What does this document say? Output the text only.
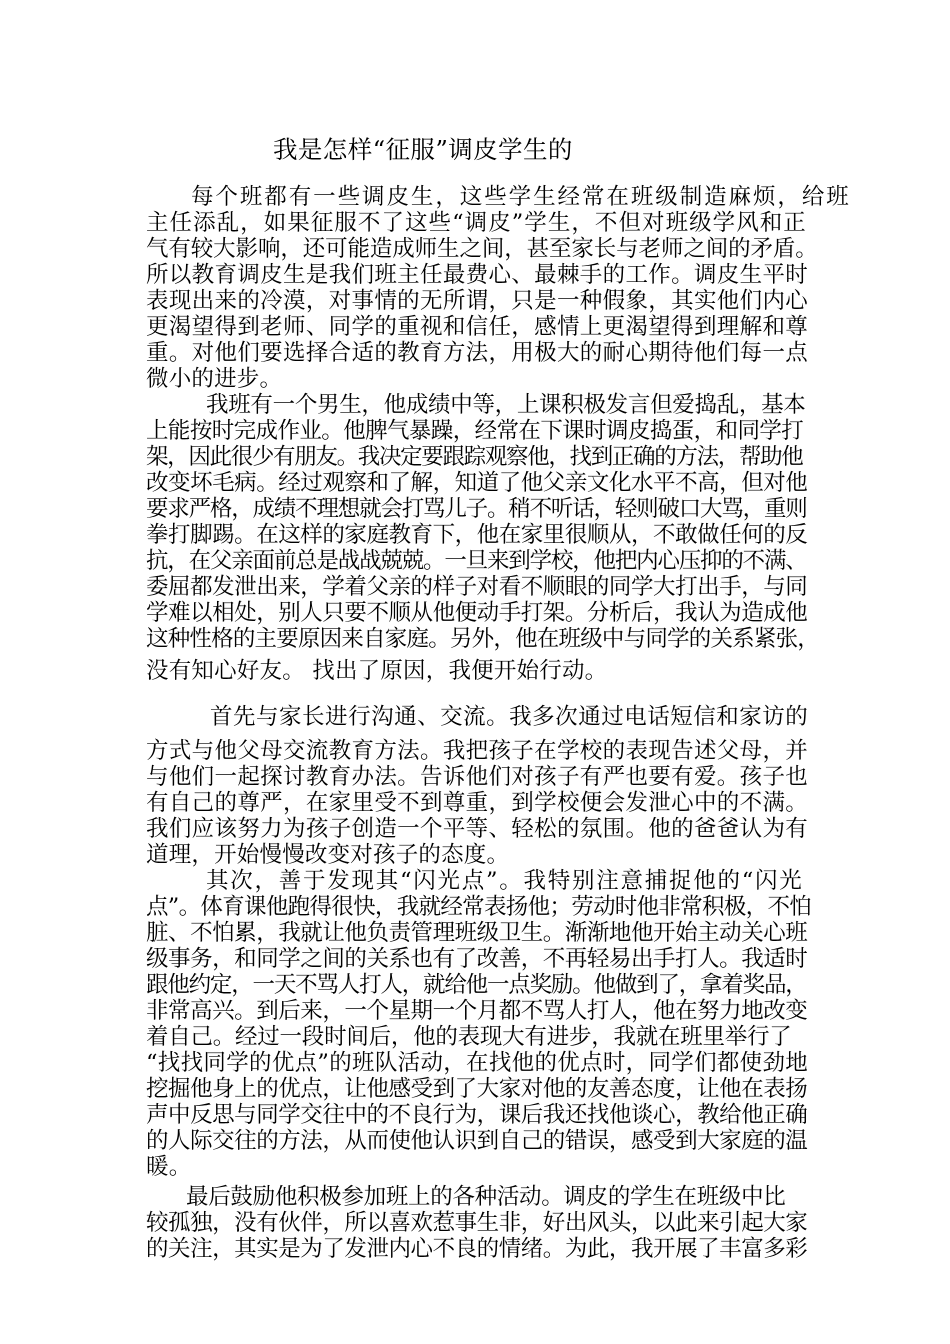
我是怎样“征服”调皮学生的

每个班都有一些调皮生，这些学生经常在班级制造麻烦，给班

主任添乱，如果征服不了这些“调皮”学生，不但对班级学风和正

气有较大影响，还可能造成师生之间，甚至家长与老师之间的矛盾。

所以教育调皮生是我们班主任最费心、最棘手的工作。调皮生平时

表现出来的冷漠，对事情的无所谓，只是一种假象，其实他们内心

更渴望得到老师、同学的重视和信任，感情上更渴望得到理解和尊

重。对他们要选择合适的教育方法，用极大的耐心期待他们每一点

微小的进步。

我班有一个男生，他成绩中等，上课积极发言但爱捣乱，基本

上能按时完成作业。他脾气暴躁，经常在下课时调皮捣蛋，和同学打

架，因此很少有朋友。我决定要跟踪观察他，找到正确的方法，帮助他

改变坏毛病。经过观察和了解，知道了他父亲文化水平不高，但对他

要求严格，成绩不理想就会打骂儿子。稍不听话，轻则破口大骂，重则

拳打脚踢。在这样的家庭教育下，他在家里很顺从，不敢做任何的反

抗，在父亲面前总是战战兢兢。一旦来到学校，他把内心压抑的不满、

委屈都发泄出来，学着父亲的样子对看不顺眼的同学大打出手，与同

学难以相处，别人只要不顺从他便动手打架。分析后，我认为造成他

这种性格的主要原因来自家庭。另外，他在班级中与同学的关系紧张，

没有知心好友。 找出了原因，我便开始行动。

首先与家长进行沟通、交流。我多次通过电话短信和家访的

方式与他父母交流教育方法。我把孩子在学校的表现告述父母，并

与他们一起探讨教育办法。告诉他们对孩子有严也要有爱。孩子也

有自己的尊严，在家里受不到尊重，到学校便会发泄心中的不满。

我们应该努力为孩子创造一个平等、轻松的氛围。他的爸爸认为有

道理，开始慢慢改变对孩子的态度。

其次，善于发现其“闪光点”。我特别注意捕捉他的“闪光

点”。体育课他跑得很快，我就经常表扬他；劳动时他非常积极，不怕

脏、不怕累，我就让他负责管理班级卫生。渐渐地他开始主动关心班

级事务，和同学之间的关系也有了改善，不再轻易出手打人。我适时

跟他约定，一天不骂人打人，就给他一点奖励。他做到了，拿着奖品，

非常高兴。到后来，一个星期一个月都不骂人打人，他在努力地改变

着自己。经过一段时间后，他的表现大有进步，我就在班里举行了

“找找同学的优点”的班队活动，在找他的优点时，同学们都使劲地

挖掘他身上的优点，让他感受到了大家对他的友善态度，让他在表扬

声中反思与同学交往中的不良行为，课后我还找他谈心，教给他正确

的人际交往的方法，从而使他认识到自己的错误，感受到大家庭的温

暖。

最后鼓励他积极参加班上的各种活动。调皮的学生在班级中比

较孤独，没有伙伴，所以喜欢惹事生非，好出风头，以此来引起大家

的关注，其实是为了发泄内心不良的情绪。为此，我开展了丰富多彩
